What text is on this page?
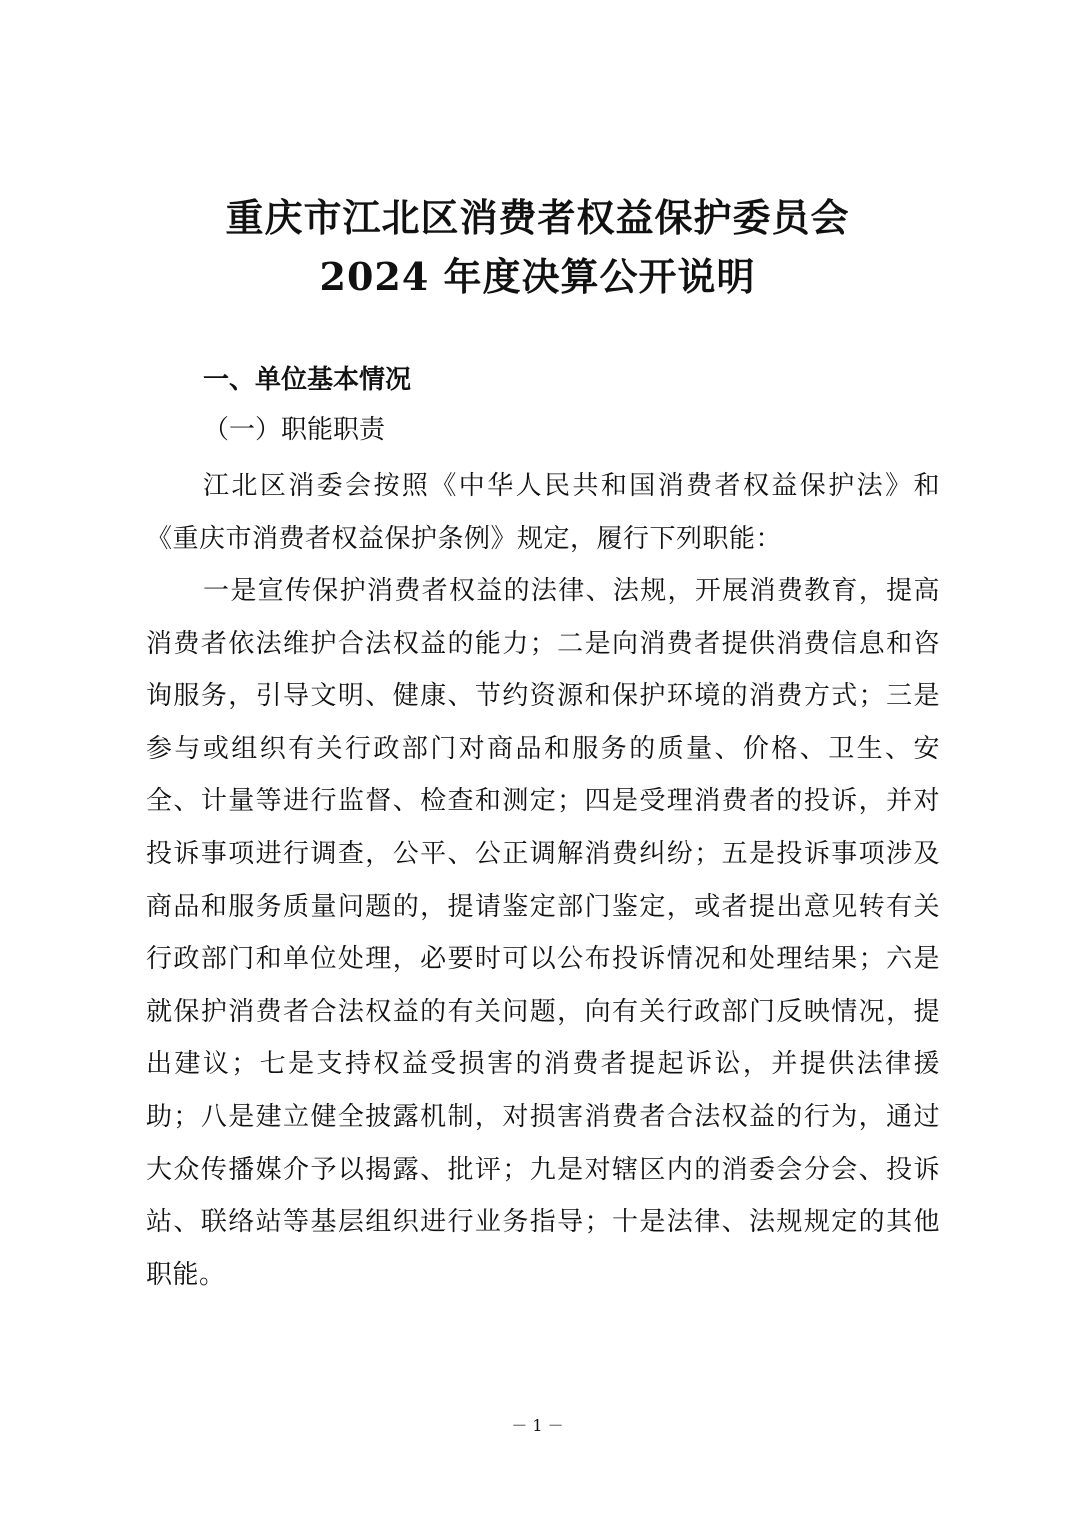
重庆市江北区消费者权益保护委员会
2024 年度决算公开说明
一、单位基本情况
（一）职能职责

江北区消委会按照《中华人民共和国消费者权益保护法》和《重庆市消费者权益保护条例》规定，履行下列职能：

一是宣传保护消费者权益的法律、法规，开展消费教育，提高消费者依法维护合法权益的能力；二是向消费者提供消费信息和咨询服务，引导文明、健康、节约资源和保护环境的消费方式；三是参与或组织有关行政部门对商品和服务的质量、价格、卫生、安全、计量等进行监督、检查和测定；四是受理消费者的投诉，并对投诉事项进行调查，公平、公正调解消费纠纷；五是投诉事项涉及商品和服务质量问题的，提请鉴定部门鉴定，或者提出意见转有关行政部门和单位处理，必要时可以公布投诉情况和处理结果；六是就保护消费者合法权益的有关问题，向有关行政部门反映情况，提出建议；七是支持权益受损害的消费者提起诉讼，并提供法律援助；八是建立健全披露机制，对损害消费者合法权益的行为，通过大众传播媒介予以揭露、批评；九是对辖区内的消委会分会、投诉站、联络站等基层组织进行业务指导；十是法律、法规规定的其他职能。

－ 1 －
